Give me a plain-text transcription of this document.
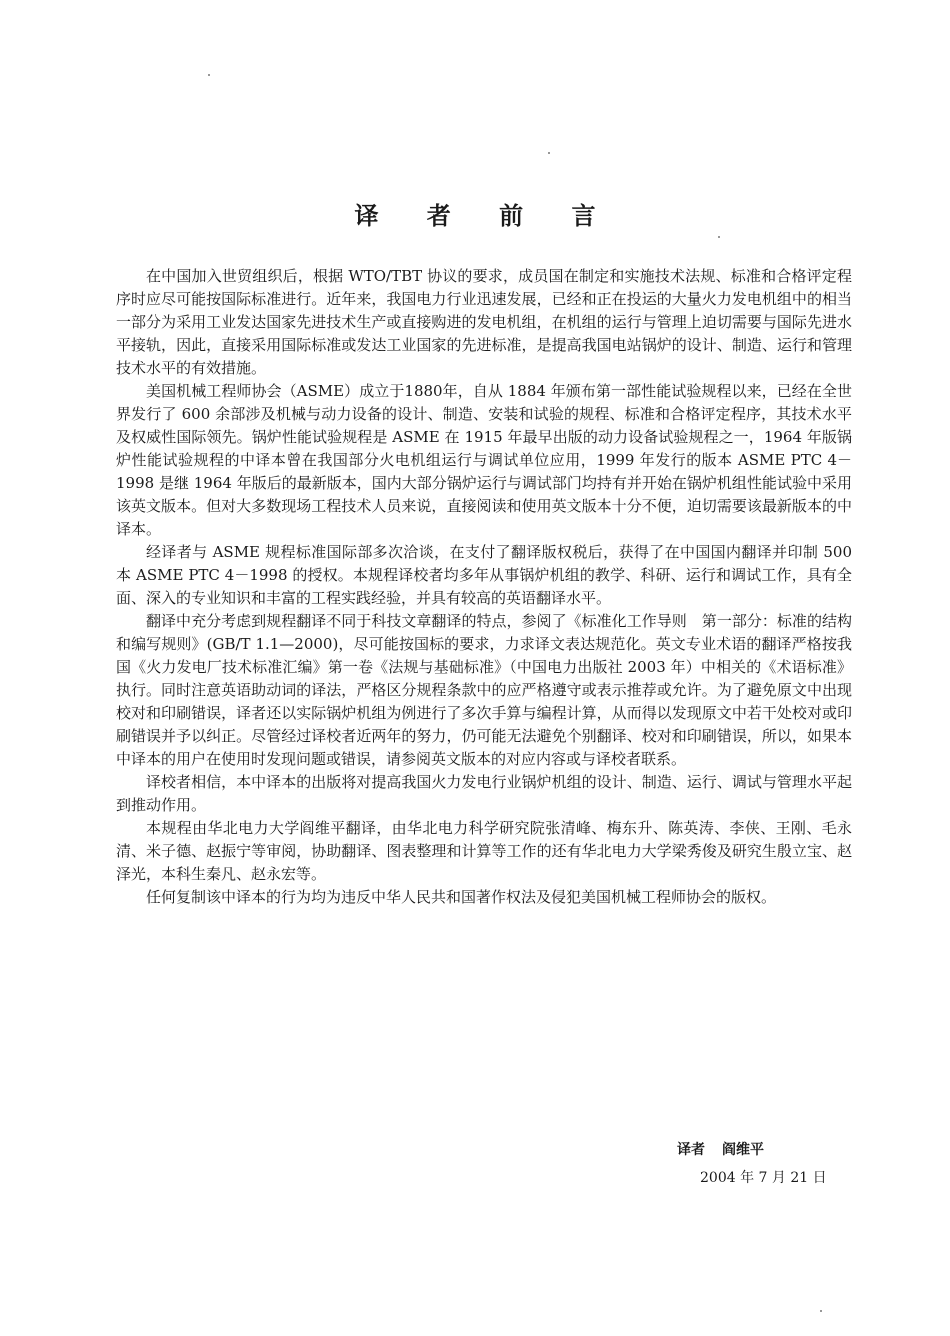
译 者 前 言

在中国加入世贸组织后，根据 WTO/TBT 协议的要求，成员国在制定和实施技术法规、标准和合格评定程序时应尽可能按国际标准进行。近年来，我国电力行业迅速发展，已经和正在投运的大量火力发电机组中的相当一部分为采用工业发达国家先进技术生产或直接购进的发电机组，在机组的运行与管理上迫切需要与国际先进水平接轨，因此，直接采用国际标准或发达工业国家的先进标准，是提高我国电站锅炉的设计、制造、运行和管理技术水平的有效措施。

美国机械工程师协会（ASME）成立于1880年，自从 1884 年颁布第一部性能试验规程以来，已经在全世界发行了 600 余部涉及机械与动力设备的设计、制造、安装和试验的规程、标准和合格评定程序，其技术水平及权威性国际领先。锅炉性能试验规程是 ASME 在 1915 年最早出版的动力设备试验规程之一，1964 年版锅炉性能试验规程的中译本曾在我国部分火电机组运行与调试单位应用，1999 年发行的版本 ASME PTC 4－1998 是继 1964 年版后的最新版本，国内大部分锅炉运行与调试部门均持有并开始在锅炉机组性能试验中采用该英文版本。但对大多数现场工程技术人员来说，直接阅读和使用英文版本十分不便，迫切需要该最新版本的中译本。

经译者与 ASME 规程标准国际部多次洽谈，在支付了翻译版权税后，获得了在中国国内翻译并印制 500 本 ASME PTC 4－1998 的授权。本规程译校者均多年从事锅炉机组的教学、科研、运行和调试工作，具有全面、深入的专业知识和丰富的工程实践经验，并具有较高的英语翻译水平。

翻译中充分考虑到规程翻译不同于科技文章翻译的特点，参阅了《标准化工作导则　第一部分：标准的结构和编写规则》(GB/T 1.1—2000)，尽可能按国标的要求，力求译文表达规范化。英文专业术语的翻译严格按我国《火力发电厂技术标准汇编》第一卷《法规与基础标准》（中国电力出版社 2003 年）中相关的《术语标准》执行。同时注意英语助动词的译法，严格区分规程条款中的应严格遵守或表示推荐或允许。为了避免原文中出现校对和印刷错误，译者还以实际锅炉机组为例进行了多次手算与编程计算，从而得以发现原文中若干处校对或印刷错误并予以纠正。尽管经过译校者近两年的努力，仍可能无法避免个别翻译、校对和印刷错误，所以，如果本中译本的用户在使用时发现问题或错误，请参阅英文版本的对应内容或与译校者联系。

译校者相信，本中译本的出版将对提高我国火力发电行业锅炉机组的设计、制造、运行、调试与管理水平起到推动作用。

本规程由华北电力大学阎维平翻译，由华北电力科学研究院张清峰、梅东升、陈英涛、李侠、王刚、毛永清、米子德、赵振宁等审阅，协助翻译、图表整理和计算等工作的还有华北电力大学梁秀俊及研究生殷立宝、赵泽光，本科生秦凡、赵永宏等。

任何复制该中译本的行为均为违反中华人民共和国著作权法及侵犯美国机械工程师协会的版权。

译者 阎维平
2004 年 7 月 21 日
